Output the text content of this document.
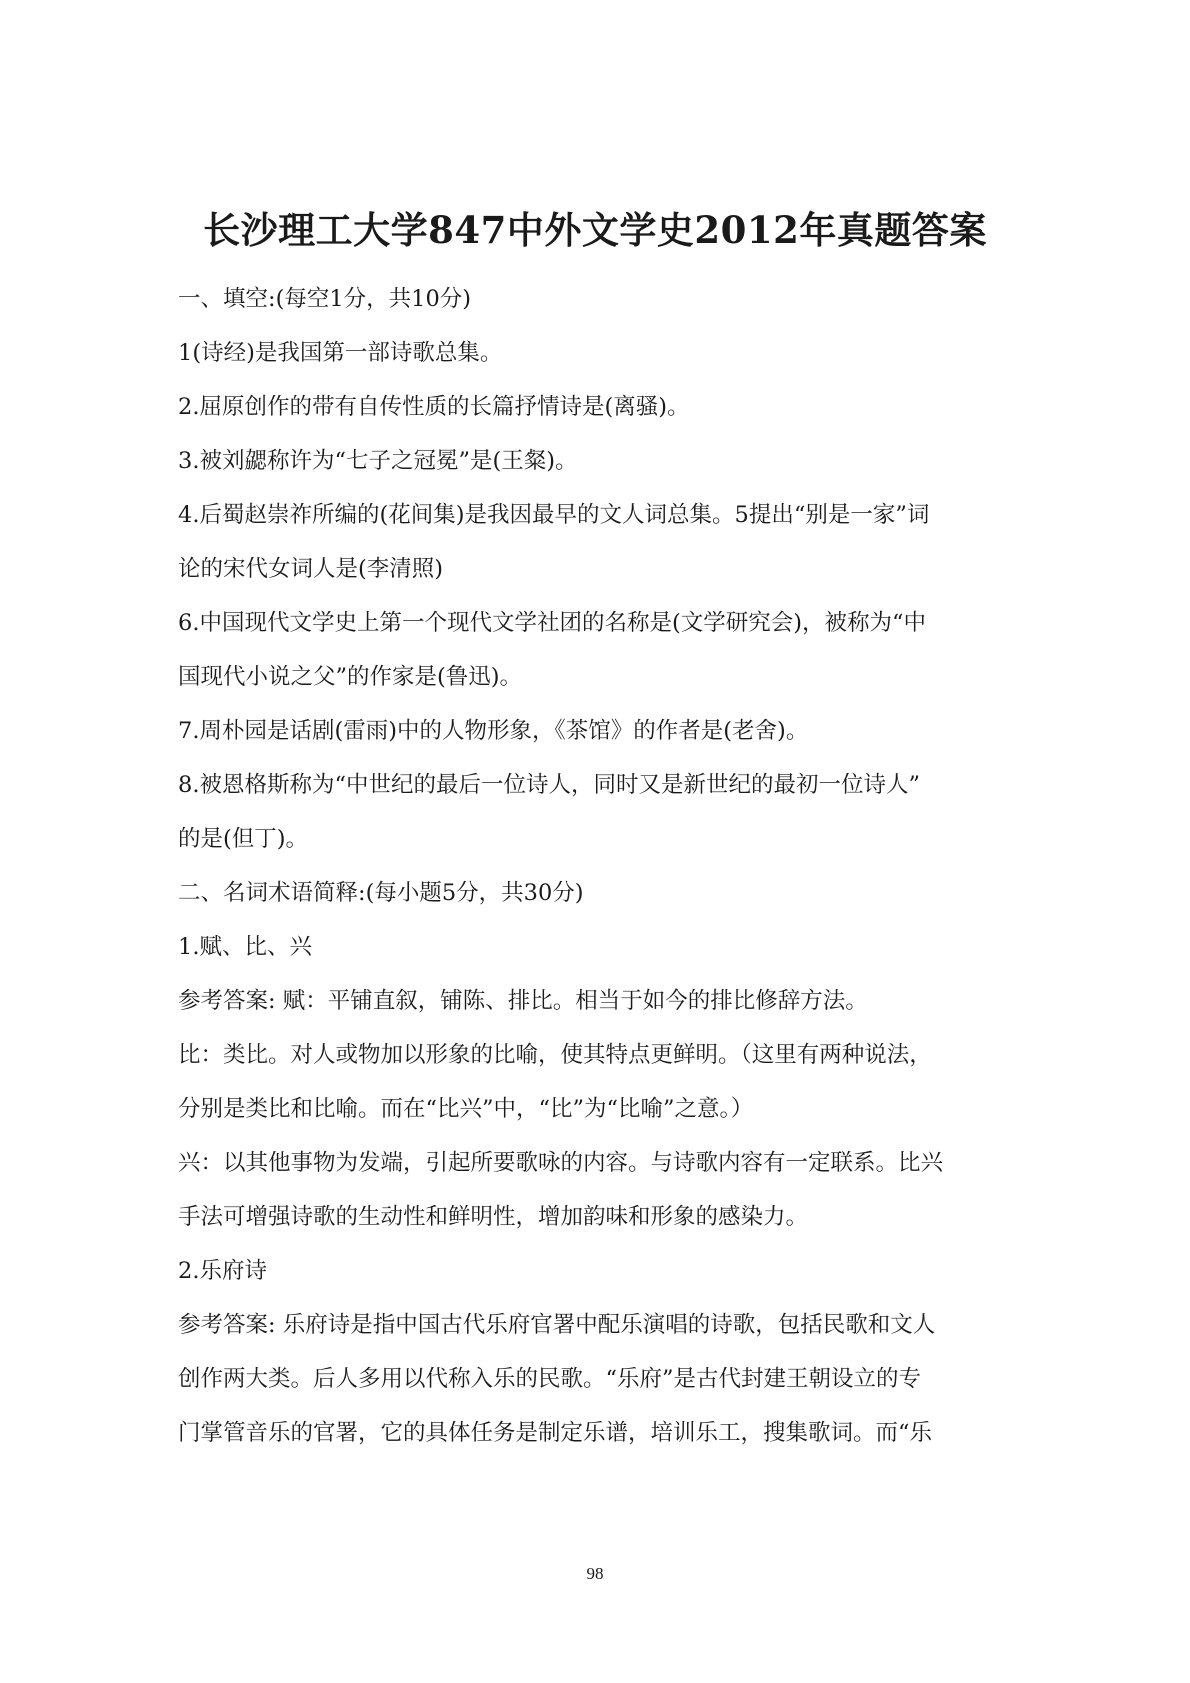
长沙理工大学847中外文学史2012年真题答案

一、填空:(每空1分，共10分)

1(诗经)是我国第一部诗歌总集。

2.屈原创作的带有自传性质的长篇抒情诗是(离骚)。

3.被刘勰称许为“七子之冠冕”是(王粲)。

4.后蜀赵崇祚所编的(花间集)是我因最早的文人词总集。5提出“别是一家”词

论的宋代女词人是(李清照)

6.中国现代文学史上第一个现代文学社团的名称是(文学研究会)，被称为“中

国现代小说之父”的作家是(鲁迅)。

7.周朴园是话剧(雷雨)中的人物形象，《茶馆》的作者是(老舍)。

8.被恩格斯称为“中世纪的最后一位诗人，同时又是新世纪的最初一位诗人”

的是(但丁)。

二、名词术语简释:(每小题5分，共30分)

1.赋、比、兴

参考答案: 赋：平铺直叙，铺陈、排比。相当于如今的排比修辞方法。

比：类比。对人或物加以形象的比喻，使其特点更鲜明。（这里有两种说法，

分别是类比和比喻。而在“比兴”中，“比”为“比喻”之意。）

兴：以其他事物为发端，引起所要歌咏的内容。与诗歌内容有一定联系。比兴

手法可增强诗歌的生动性和鲜明性，增加韵味和形象的感染力。

2.乐府诗

参考答案: 乐府诗是指中国古代乐府官署中配乐演唱的诗歌，包括民歌和文人

创作两大类。后人多用以代称入乐的民歌。“乐府”是古代封建王朝设立的专

门掌管音乐的官署，它的具体任务是制定乐谱，培训乐工，搜集歌词。而“乐

98
